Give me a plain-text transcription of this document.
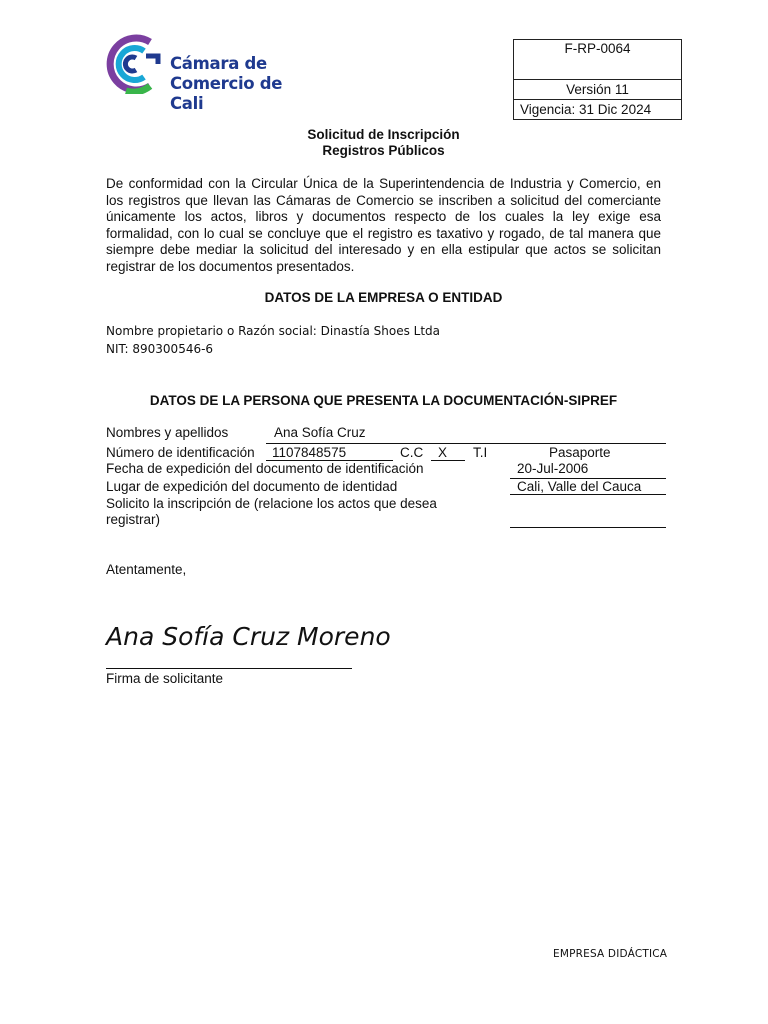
Cámara de
Comercio de
Cali
F-RP-0064
Versión 11
Vigencia: 31 Dic 2024
Solicitud de Inscripción
Registros Públicos
De conformidad con la Circular Única de la Superintendencia de Industria y Comercio, en los registros que llevan las Cámaras de Comercio se inscriben a solicitud del comerciante únicamente los actos, libros y documentos respecto de los cuales la ley exige esa formalidad, con lo cual se concluye que el registro es taxativo y rogado, de tal manera que siempre debe mediar la solicitud del interesado y en ella estipular que actos se solicitan registrar de los documentos presentados.
DATOS DE LA EMPRESA O ENTIDAD
Nombre propietario o Razón social: Dinastía Shoes Ltda
NIT: 890300546-6
DATOS DE LA PERSONA QUE PRESENTA LA DOCUMENTACIÓN-SIPREF
Nombres y apellidos	Ana Sofía Cruz
Número de identificación 1107848575	C.C X T.I	Pasaporte
Fecha de expedición del documento de identificación	20-Jul-2006
Lugar de expedición del documento de identidad	Cali, Valle del Cauca
Solicito la inscripción de (relacione los actos que desea
registrar)
Atentamente,
Ana Sofía Cruz Moreno
Firma de solicitante
EMPRESA DIDÁCTICA
